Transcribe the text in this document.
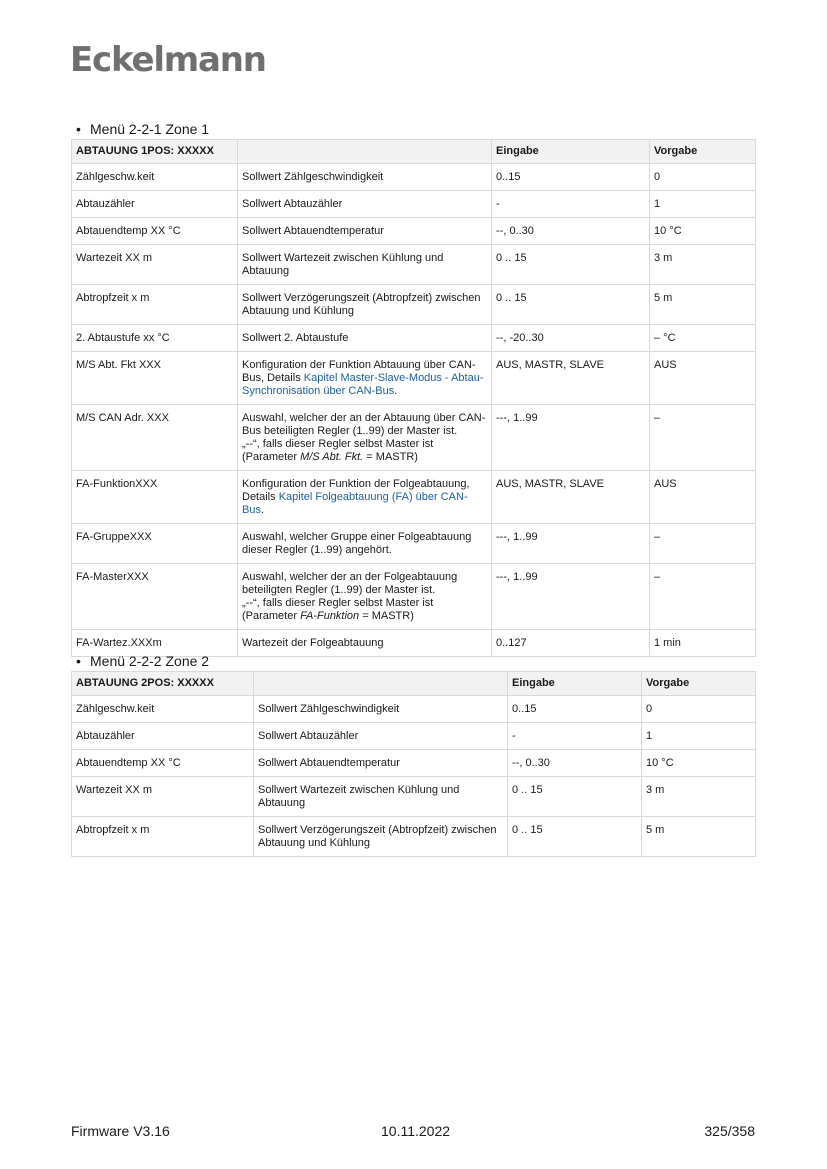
Eckelmann
• Menü 2-2-1 Zone 1
ABTAUUNG 1POS: XXXXX		Eingabe	Vorgabe
Zählgeschw.keit	Sollwert Zählgeschwindigkeit	0..15	0
Abtauzähler	Sollwert Abtauzähler	-	1
Abtauendtemp XX °C	Sollwert Abtauendtemperatur	--, 0..30	10 °C
Wartezeit XX m	Sollwert Wartezeit zwischen Kühlung und Abtauung	0 .. 15	3 m
Abtropfzeit x m	Sollwert Verzögerungszeit (Abtropfzeit) zwischen Abtauung und Kühlung	0 .. 15	5 m
2. Abtaustufe xx °C	Sollwert 2. Abtaustufe	--, -20..30	– °C
M/S Abt. Fkt XXX	Konfiguration der Funktion Abtauung über CAN-Bus, Details Kapitel Master-Slave-Modus - Abtau-Synchronisation über CAN-Bus.	AUS, MASTR, SLAVE	AUS
M/S CAN Adr. XXX	Auswahl, welcher der an der Abtauung über CAN-Bus beteiligten Regler (1..99) der Master ist.
„--“, falls dieser Regler selbst Master ist
(Parameter M/S Abt. Fkt. = MASTR)	---, 1..99	–
FA-FunktionXXX	Konfiguration der Funktion der Folgeabtauung, Details Kapitel Folgeabtauung (FA) über CAN-Bus.	AUS, MASTR, SLAVE	AUS
FA-GruppeXXX	Auswahl, welcher Gruppe einer Folgeabtauung dieser Regler (1..99) angehört.	---, 1..99	–
FA-MasterXXX	Auswahl, welcher der an der Folgeabtauung beteiligten Regler (1..99) der Master ist.
„--“, falls dieser Regler selbst Master ist
(Parameter FA-Funktion = MASTR)	---, 1..99	–
FA-Wartez.XXXm	Wartezeit der Folgeabtauung	0..127	1 min
• Menü 2-2-2 Zone 2
ABTAUUNG 2POS: XXXXX		Eingabe	Vorgabe
Zählgeschw.keit	Sollwert Zählgeschwindigkeit	0..15	0
Abtauzähler	Sollwert Abtauzähler	-	1
Abtauendtemp XX °C	Sollwert Abtauendtemperatur	--, 0..30	10 °C
Wartezeit XX m	Sollwert Wartezeit zwischen Kühlung und Abtauung	0 .. 15	3 m
Abtropfzeit x m	Sollwert Verzögerungszeit (Abtropfzeit) zwischen Abtauung und Kühlung	0 .. 15	5 m
Firmware V3.16	10.11.2022	325/358
